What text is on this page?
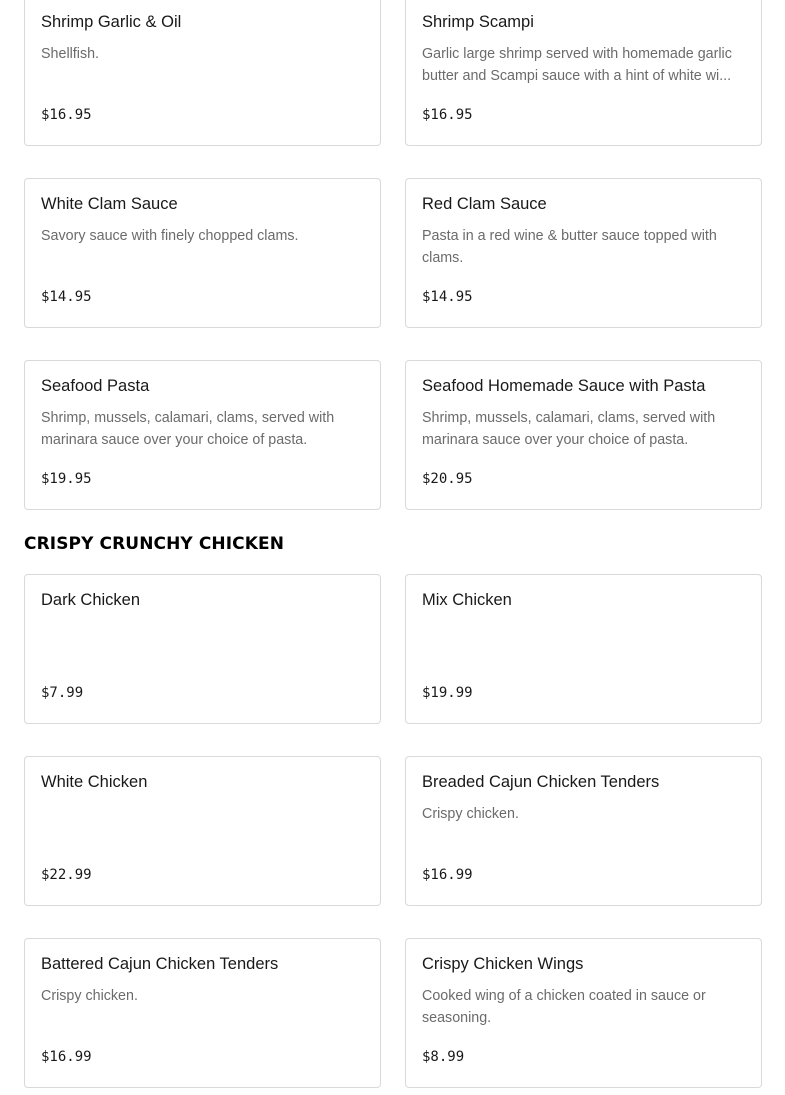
Shrimp Garlic & Oil
Shellfish.
$16.95
Shrimp Scampi
Garlic large shrimp served with homemade garlic butter and Scampi sauce with a hint of white wi...
$16.95
White Clam Sauce
Savory sauce with finely chopped clams.
$14.95
Red Clam Sauce
Pasta in a red wine & butter sauce topped with clams.
$14.95
Seafood Pasta
Shrimp, mussels, calamari, clams, served with marinara sauce over your choice of pasta.
$19.95
Seafood Homemade Sauce with Pasta
Shrimp, mussels, calamari, clams, served with marinara sauce over your choice of pasta.
$20.95
CRISPY CRUNCHY CHICKEN
Dark Chicken
$7.99
Mix Chicken
$19.99
White Chicken
$22.99
Breaded Cajun Chicken Tenders
Crispy chicken.
$16.99
Battered Cajun Chicken Tenders
Crispy chicken.
$16.99
Crispy Chicken Wings
Cooked wing of a chicken coated in sauce or seasoning.
$8.99
